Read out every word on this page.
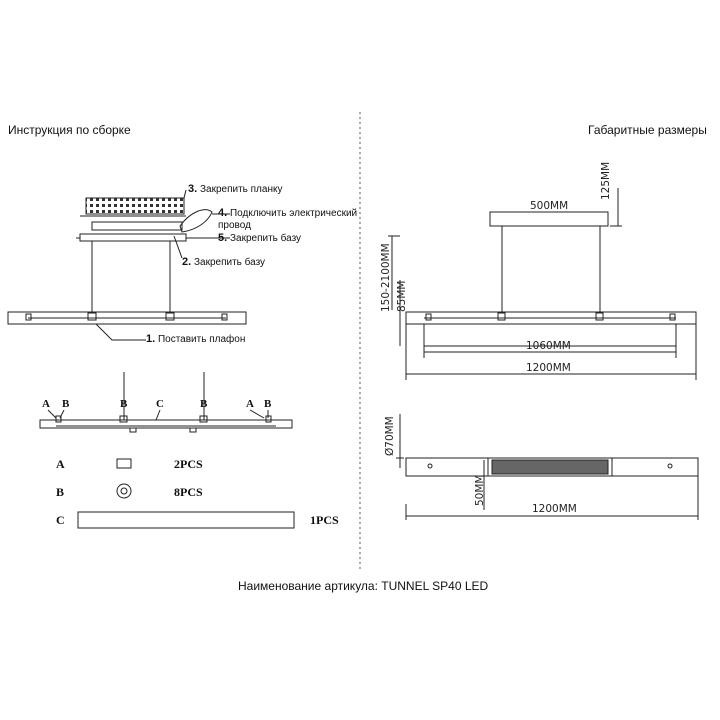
Инструкция по сборке	Габаритные размеры
3. Закрепить планку
4. Подключить электрический провод
5. Закрепить базу
2. Закрепить базу
1. Поставить плафон
A B	B	C	B	A B
A	2PCS
B	8PCS
C	1PCS
500MM
125MM
150-2100MM 85MM
1060MM
1200MM
Ø70MM
50MM
1200MM
Наименование артикула: TUNNEL SP40 LED
